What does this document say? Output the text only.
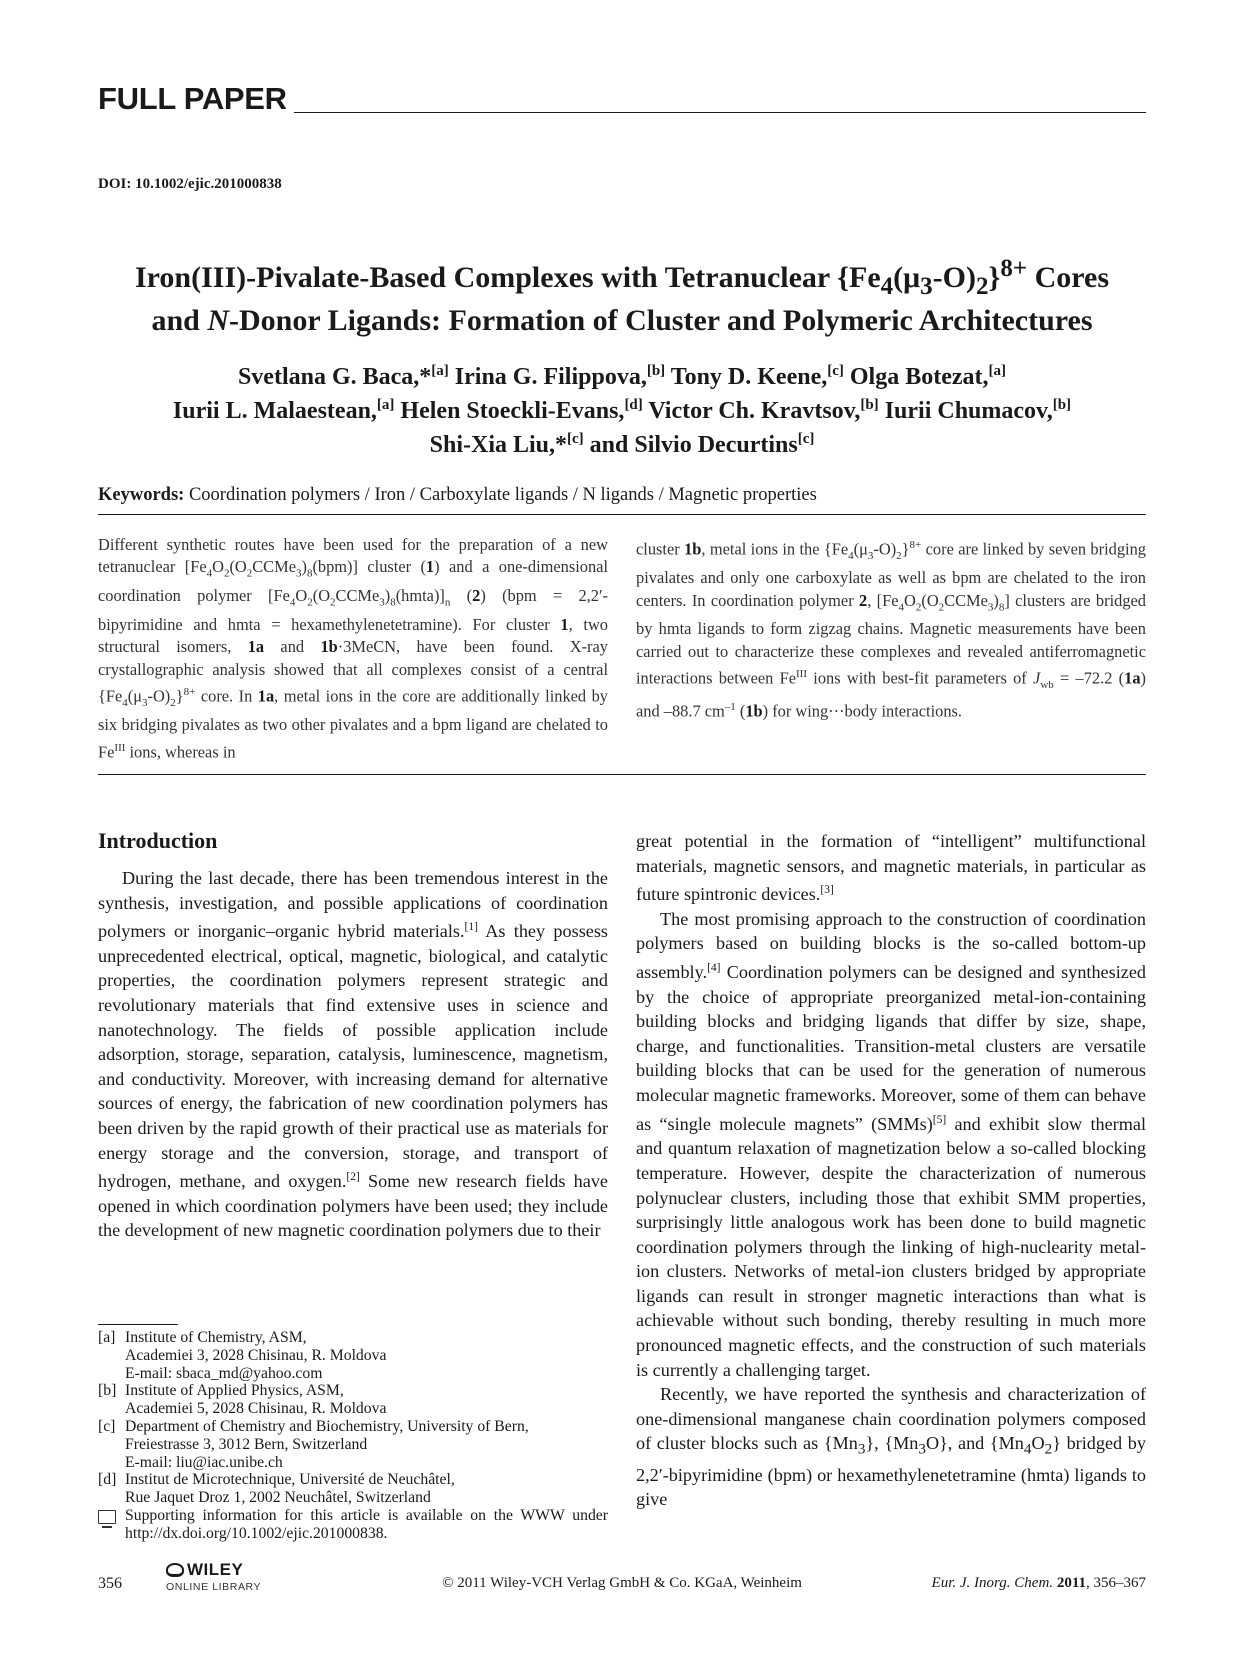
FULL PAPER
DOI: 10.1002/ejic.201000838
Iron(III)-Pivalate-Based Complexes with Tetranuclear $\{Fe_4(\mu_3-O)_2\}^{8+}$ Cores
and N-Donor Ligands: Formation of Cluster and Polymeric Architectures
Svetlana G. Baca,*[a] Irina G. Filippova,[b] Tony D. Keene,[c] Olga Botezat,[a]
Iurii L. Malaestean,[a] Helen Stoeckli-Evans,[d] Victor Ch. Kravtsov,[b] Iurii Chumacov,[b]
Shi-Xia Liu,*[c] and Silvio Decurtins[c]
Keywords: Coordination polymers / Iron / Carboxylate ligands / N ligands / Magnetic properties
Different synthetic routes have been used for the preparation of a new tetranuclear $[Fe_4O_2(O_2CCMe_3)_8(bpm)]$ cluster (1) and a one-dimensional coordination polymer $[Fe_4O_2(O_2CCMe_3)_8(hmta)]_n$ (2) (bpm = 2,2′-bipyrimidine and hmta = hexamethylenetetramine). For cluster 1, two structural isomers, 1a and 1b·3MeCN, have been found. X-ray crystallographic analysis showed that all complexes consist of a central $\{Fe_4(\mu_3-O)_2\}^{8+}$ core. In 1a, metal ions in the core are additionally linked by six bridging pivalates as two other pivalates and a bpm ligand are chelated to $Fe^{III}$ ions, whereas in
cluster 1b, metal ions in the $\{Fe_4(\mu_3-O)_2\}^{8+}$ core are linked by seven bridging pivalates and only one carboxylate as well as bpm are chelated to the iron centers. In coordination polymer 2, $[Fe_4O_2(O_2CCMe_3)_8]$ clusters are bridged by hmta ligands to form zigzag chains. Magnetic measurements have been carried out to characterize these complexes and revealed antiferromagnetic interactions between $Fe^{III}$ ions with best-fit parameters of $J_{wb} = -72.2$ (1a) and –88.7 $cm^{-1}$ (1b) for wing···body interactions.
Introduction

During the last decade, there has been tremendous interest in the synthesis, investigation, and possible applications of coordination polymers or inorganic–organic hybrid materials.[1] As they possess unprecedented electrical, optical, magnetic, biological, and catalytic properties, the coordination polymers represent strategic and revolutionary materials that find extensive uses in science and nanotechnology. The fields of possible application include adsorption, storage, separation, catalysis, luminescence, magnetism, and conductivity. Moreover, with increasing demand for alternative sources of energy, the fabrication of new coordination polymers has been driven by the rapid growth of their practical use as materials for energy storage and the conversion, storage, and transport of hydrogen, methane, and oxygen.[2] Some new research fields have opened in which coordination polymers have been used; they include the development of new magnetic coordination polymers due to their

great potential in the formation of “intelligent” multifunctional materials, magnetic sensors, and magnetic materials, in particular as future spintronic devices.[3]

The most promising approach to the construction of coordination polymers based on building blocks is the so-called bottom-up assembly.[4] Coordination polymers can be designed and synthesized by the choice of appropriate preorganized metal-ion-containing building blocks and bridging ligands that differ by size, shape, charge, and functionalities. Transition-metal clusters are versatile building blocks that can be used for the generation of numerous molecular magnetic frameworks. Moreover, some of them can behave as “single molecule magnets” (SMMs)[5] and exhibit slow thermal and quantum relaxation of magnetization below a so-called blocking temperature. However, despite the characterization of numerous polynuclear clusters, including those that exhibit SMM properties, surprisingly little analogous work has been done to build magnetic coordination polymers through the linking of high-nuclearity metal-ion clusters. Networks of metal-ion clusters bridged by appropriate ligands can result in stronger magnetic interactions than what is achievable without such bonding, thereby resulting in much more pronounced magnetic effects, and the construction of such materials is currently a challenging target.

Recently, we have reported the synthesis and characterization of one-dimensional manganese chain coordination polymers composed of cluster blocks such as $\{Mn_3\}$, $\{Mn_3O\}$, and $\{Mn_4O_2\}$ bridged by 2,2′-bipyrimidine (bpm) or hexamethylenetetramine (hmta) ligands to give

[a] Institute of Chemistry, ASM,
Academiei 3, 2028 Chisinau, R. Moldova
E-mail: sbaca_md@yahoo.com
[b] Institute of Applied Physics, ASM,
Academiei 5, 2028 Chisinau, R. Moldova
[c] Department of Chemistry and Biochemistry, University of Bern,
Freiestrasse 3, 3012 Bern, Switzerland
E-mail: liu@iac.unibe.ch
[d] Institut de Microtechnique, Université de Neuchâtel,
Rue Jaquet Droz 1, 2002 Neuchâtel, Switzerland
Supporting information for this article is available on the WWW under http://dx.doi.org/10.1002/ejic.201000838.
356
WILEY
ONLINE LIBRARY	© 2011 Wiley-VCH Verlag GmbH & Co. KGaA, Weinheim	Eur. J. Inorg. Chem. 2011, 356–367
